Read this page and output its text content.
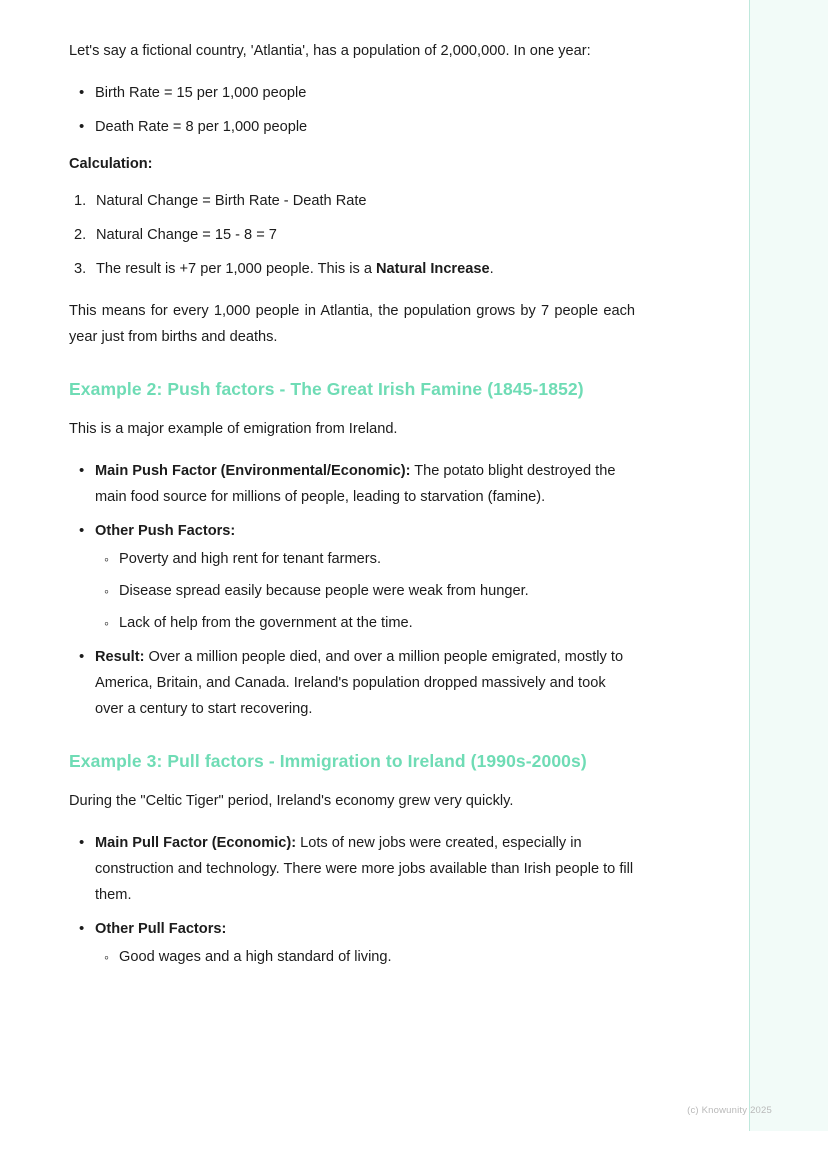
Let's say a fictional country, 'Atlantia', has a population of 2,000,000. In one year:

• Birth Rate = 15 per 1,000 people
• Death Rate = 8 per 1,000 people

Calculation:

Natural Change = Birth Rate - Death Rate
Natural Change = 15 - 8 = 7
The result is +7 per 1,000 people. This is a Natural Increase.

This means for every 1,000 people in Atlantia, the population grows by 7 people each year just from births and deaths.

Example 2: Push factors - The Great Irish Famine (1845-1852)

This is a major example of emigration from Ireland.

• Main Push Factor (Environmental/Economic): The potato blight destroyed the main food source for millions of people, leading to starvation (famine).
• Other Push Factors:
◦ Poverty and high rent for tenant farmers.
◦ Disease spread easily because people were weak from hunger.
◦ Lack of help from the government at the time.
• Result: Over a million people died, and over a million people emigrated, mostly to America, Britain, and Canada. Ireland's population dropped massively and took over a century to start recovering.
Example 3: Pull factors - Immigration to Ireland (1990s-2000s)

During the "Celtic Tiger" period, Ireland's economy grew very quickly.

• Main Pull Factor (Economic): Lots of new jobs were created, especially in construction and technology. There were more jobs available than Irish people to fill them.
• Other Pull Factors:
◦ Good wages and a high standard of living.
(c) Knowunity 2025
